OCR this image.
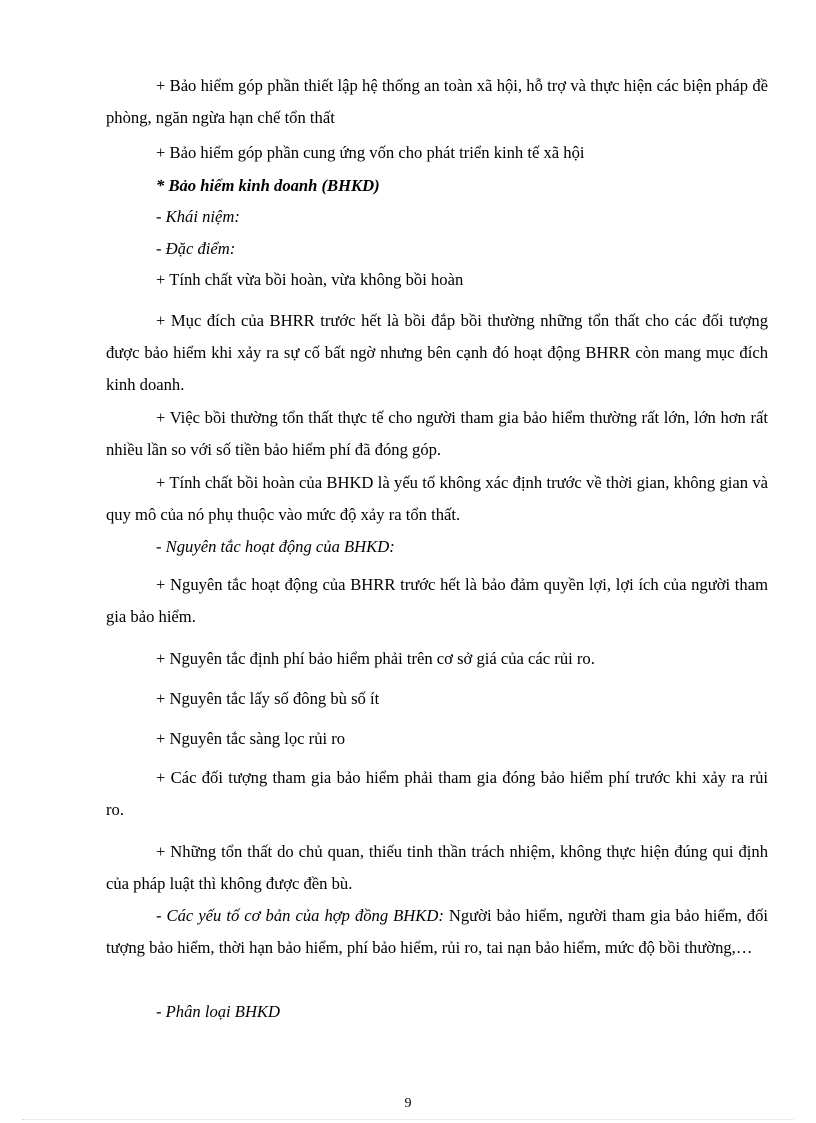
+ Bảo hiểm góp phần thiết lập hệ thống an toàn xã hội, hỗ trợ và thực hiện các biện pháp đề phòng, ngăn ngừa hạn chế tổn thất

+ Bảo hiểm góp phần cung ứng vốn cho phát triển kinh tế xã hội

* Bảo hiểm kinh doanh (BHKD)

- Khái niệm:

- Đặc điểm:

+ Tính chất vừa bồi hoàn, vừa không bồi hoàn

+ Mục đích của BHRR trước hết là bồi đắp bồi thường những tổn thất cho các đối tượng được bảo hiểm khi xảy ra sự cố bất ngờ nhưng bên cạnh đó hoạt động BHRR còn mang mục đích kinh doanh.

+ Việc bồi thường tổn thất thực tế cho người tham gia bảo hiểm thường rất lớn, lớn hơn rất nhiều lần so với số tiền bảo hiểm phí đã đóng góp.

+ Tính chất bồi hoàn của BHKD là yếu tố không xác định trước về thời gian, không gian và quy mô của nó phụ thuộc vào mức độ xảy ra tổn thất.

- Nguyên tắc hoạt động của BHKD:

+ Nguyên tắc hoạt động của BHRR trước hết là bảo đảm quyền lợi, lợi ích của người tham gia bảo hiểm.

+ Nguyên tắc định phí bảo hiểm phải trên cơ sở giá của các rủi ro.

+ Nguyên tắc lấy số đông bù số ít

+ Nguyên tắc sàng lọc rủi ro

+ Các đối tượng tham gia bảo hiểm phải tham gia đóng bảo hiểm phí trước khi xảy ra rủi ro.

+ Những tổn thất do chủ quan, thiếu tinh thần trách nhiệm, không thực hiện đúng qui định của pháp luật thì không được đền bù.

- Các yếu tố cơ bản của hợp đồng BHKD: Người bảo hiểm, người tham gia bảo hiểm, đối tượng bảo hiểm, thời hạn bảo hiểm, phí bảo hiểm, rủi ro, tai nạn bảo hiểm, mức độ bồi thường,…

- Phân loại BHKD

9
